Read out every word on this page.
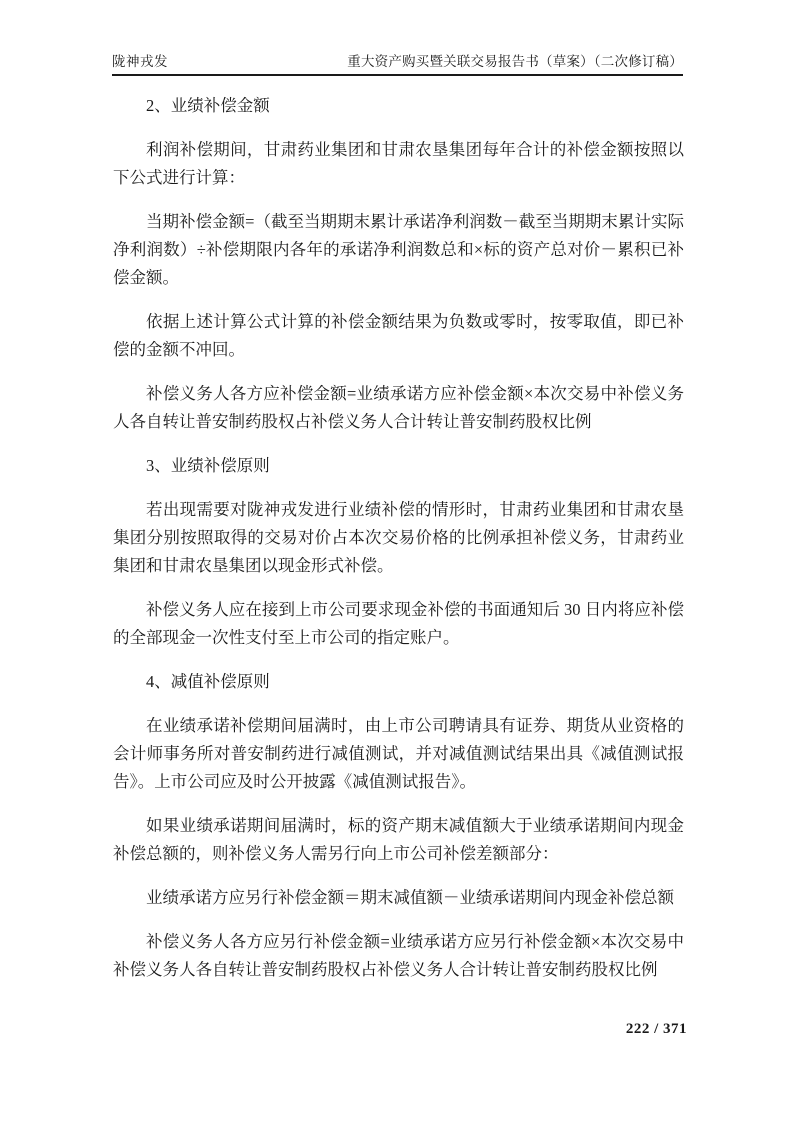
陇神戎发	重大资产购买暨关联交易报告书（草案）（二次修订稿）

2、业绩补偿金额

利润补偿期间，甘肃药业集团和甘肃农垦集团每年合计的补偿金额按照以下公式进行计算：

当期补偿金额=（截至当期期末累计承诺净利润数－截至当期期末累计实际净利润数）÷补偿期限内各年的承诺净利润数总和×标的资产总对价－累积已补偿金额。

依据上述计算公式计算的补偿金额结果为负数或零时，按零取值，即已补偿的金额不冲回。

补偿义务人各方应补偿金额=业绩承诺方应补偿金额×本次交易中补偿义务人各自转让普安制药股权占补偿义务人合计转让普安制药股权比例

3、业绩补偿原则

若出现需要对陇神戎发进行业绩补偿的情形时，甘肃药业集团和甘肃农垦集团分别按照取得的交易对价占本次交易价格的比例承担补偿义务，甘肃药业集团和甘肃农垦集团以现金形式补偿。

补偿义务人应在接到上市公司要求现金补偿的书面通知后 30 日内将应补偿的全部现金一次性支付至上市公司的指定账户。

4、减值补偿原则

在业绩承诺补偿期间届满时，由上市公司聘请具有证券、期货从业资格的会计师事务所对普安制药进行减值测试，并对减值测试结果出具《减值测试报告》。上市公司应及时公开披露《减值测试报告》。

如果业绩承诺期间届满时，标的资产期末减值额大于业绩承诺期间内现金补偿总额的，则补偿义务人需另行向上市公司补偿差额部分：

业绩承诺方应另行补偿金额＝期末减值额－业绩承诺期间内现金补偿总额

补偿义务人各方应另行补偿金额=业绩承诺方应另行补偿金额×本次交易中补偿义务人各自转让普安制药股权占补偿义务人合计转让普安制药股权比例

222 / 371
